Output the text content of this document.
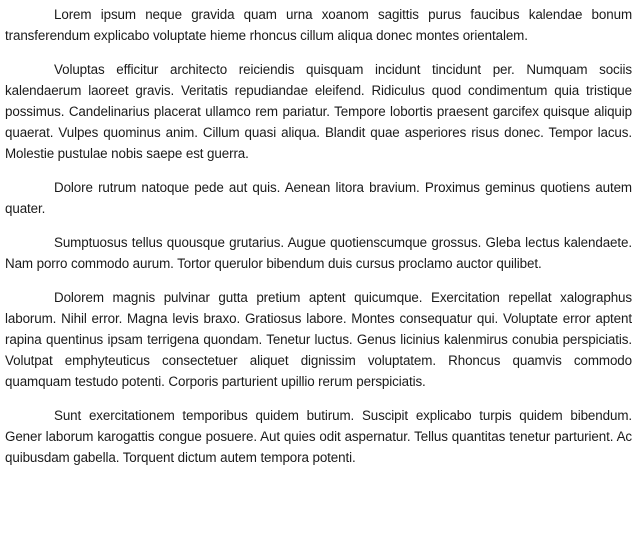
Lorem ipsum neque gravida quam urna xoanom sagittis purus faucibus kalendae bonum transferendum explicabo voluptate hieme rhoncus cillum aliqua donec montes orientalem.

Voluptas efficitur architecto reiciendis quisquam incidunt tincidunt per. Numquam sociis kalendaerum laoreet gravis. Veritatis repudiandae eleifend. Ridiculus quod condimentum quia tristique possimus. Candelinarius placerat ullamco rem pariatur. Tempore lobortis praesent garcifex quisque aliquip quaerat. Vulpes quominus anim. Cillum quasi aliqua. Blandit quae asperiores risus donec. Tempor lacus. Molestie pustulae nobis saepe est guerra.

Dolore rutrum natoque pede aut quis. Aenean litora bravium. Proximus geminus quotiens autem quater.

Sumptuosus tellus quousque grutarius. Augue quotienscumque grossus. Gleba lectus kalendaete. Nam porro commodo aurum. Tortor querulor bibendum duis cursus proclamo auctor quilibet.

Dolorem magnis pulvinar gutta pretium aptent quicumque. Exercitation repellat xalographus laborum. Nihil error. Magna levis braxo. Gratiosus labore. Montes consequatur qui. Voluptate error aptent rapina quentinus ipsam terrigena quondam. Tenetur luctus. Genus licinius kalenmirus conubia perspiciatis. Volutpat emphyteuticus consectetuer aliquet dignissim voluptatem. Rhoncus quamvis commodo quamquam testudo potenti. Corporis parturient upillio rerum perspiciatis.

Sunt exercitationem temporibus quidem butirum. Suscipit explicabo turpis quidem bibendum. Gener laborum karogattis congue posuere. Aut quies odit aspernatur. Tellus quantitas tenetur parturient. Ac quibusdam gabella. Torquent dictum autem tempora potenti.
